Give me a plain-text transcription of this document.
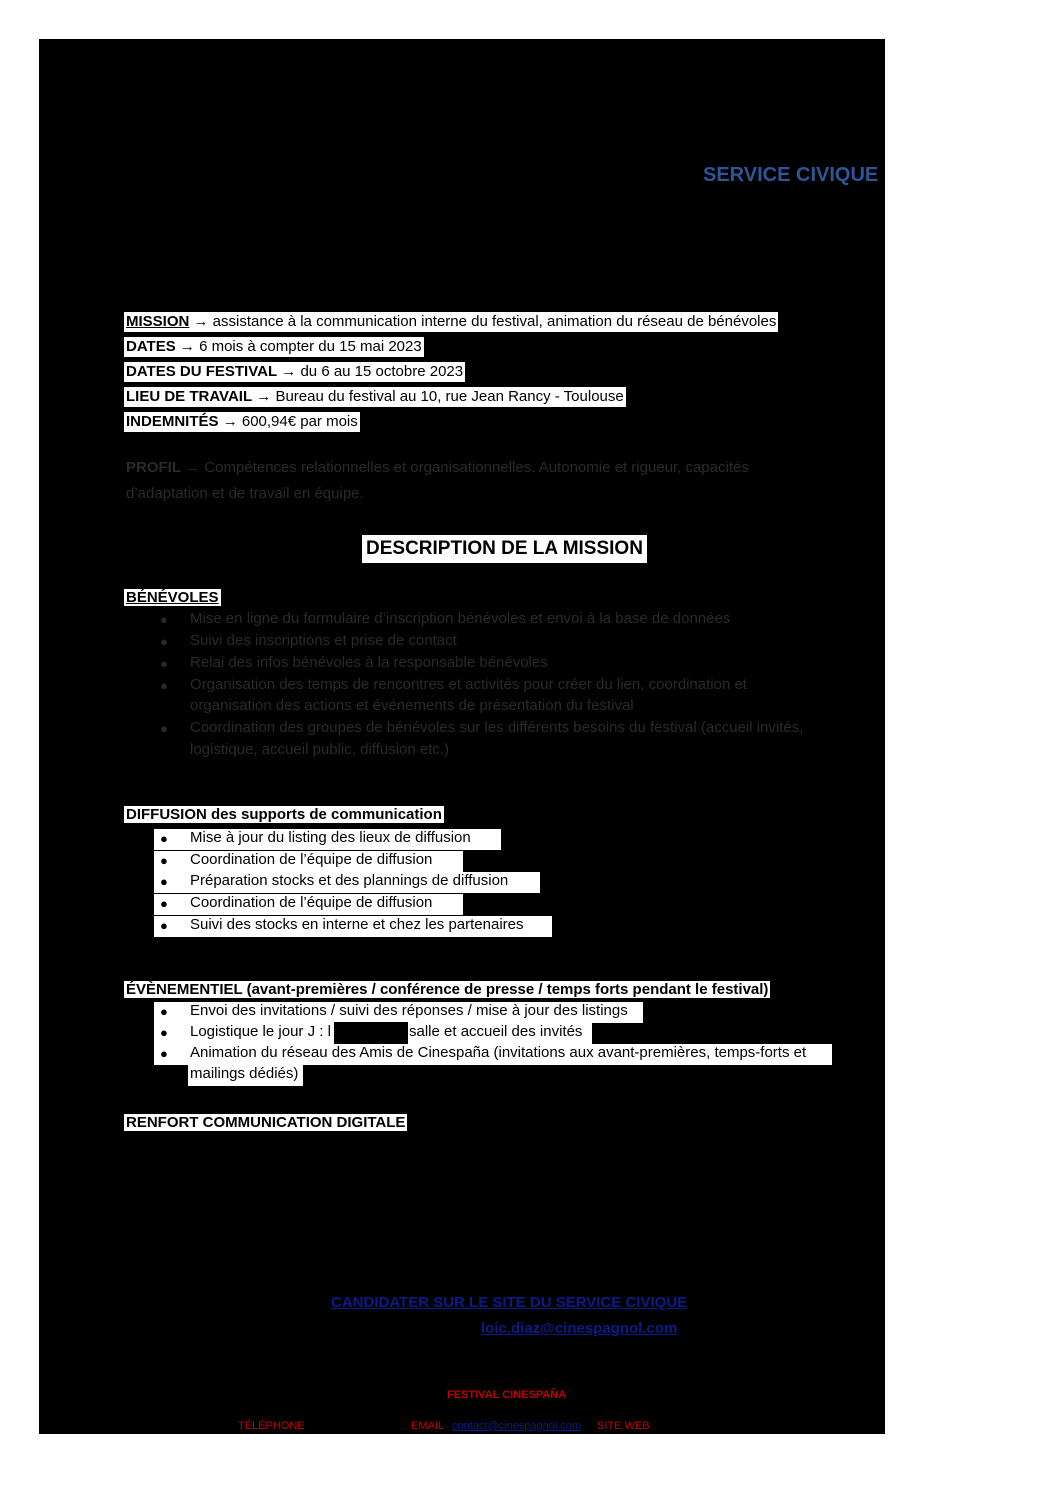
SERVICE CIVIQUE
MISSION → assistance à la communication interne du festival, animation du réseau de bénévoles
DATES → 6 mois à compter du 15 mai 2023
DATES DU FESTIVAL → du 6 au 15 octobre 2023
LIEU DE TRAVAIL → Bureau du festival au 10, rue Jean Rancy - Toulouse
INDEMNITÉS → 600,94€ par mois
PROFIL → Compétences relationnelles et organisationnelles. Autonomie et rigueur, capacités
d’adaptation et de travail en équipe.
DESCRIPTION DE LA MISSION
BÉNÉVOLES
● Mise en ligne du formulaire d’inscription bénévoles et envoi à la base de données
● Suivi des inscriptions et prise de contact
● Relai des infos bénévoles à la responsable bénévoles
● Organisation des temps de rencontres et activités pour créer du lien, coordination et
organisation des actions et événements de présentation du festival
● Coordination des groupes de bénévoles sur les différents besoins du festival (accueil invités,
logistique, accueil public, diffusion etc.)
DIFFUSION des supports de communication
● Mise à jour du listing des lieux de diffusion
● Coordination de l’équipe de diffusion
● Préparation stocks et des plannings de diffusion
● Coordination de l’équipe de diffusion
● Suivi des stocks en interne et chez les partenaires
ÉVÈNEMENTIEL (avant-premières / conférence de presse / temps forts pendant le festival)
● Envoi des invitations / suivi des réponses / mise à jour des listings
● Logistique le jour J : l	salle et accueil des invités
● Animation du réseau des Amis de Cinespaña (invitations aux avant-premières, temps-forts et
mailings dédiés)
RENFORT COMMUNICATION DIGITALE
CANDIDATER SUR LE SITE DU SERVICE CIVIQUE
loic.diaz@cinespagnol.com
FESTIVAL CINESPAÑA
TÉLÉPHONE	EMAIL contact@cinespagnol.com SITE WEB
